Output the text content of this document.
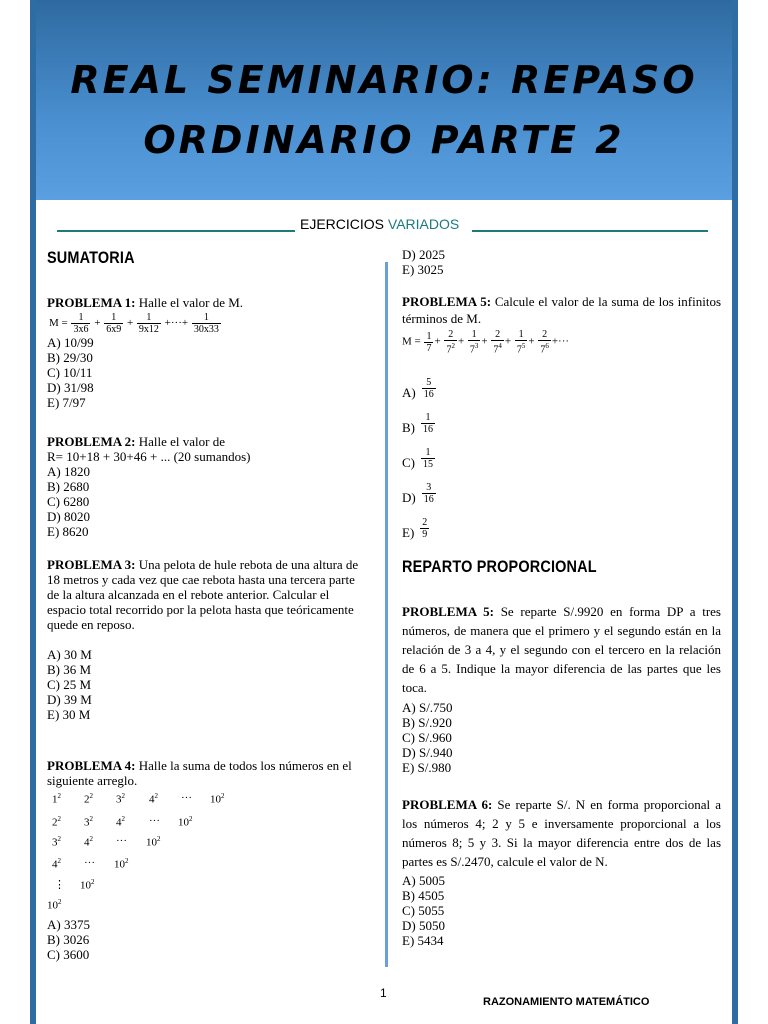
REAL SEMINARIO: REPASO
ORDINARIO PARTE 2
EJERCICIOS VARIADOS
SUMATORIA
PROBLEMA 1: Halle el valor de M.
$M = \frac{1}{3x6} + \frac{1}{6x9} + \frac{1}{9x12}$ +···+ $\frac{1}{30x33}$
A) 10/99
B) 29/30
C) 10/11
D) 31/98
E) 7/97
PROBLEMA 2: Halle el valor de
R= 10+18 + 30+46 + ... (20 sumandos)
A) 1820
B) 2680
C) 6280
D) 8020
E) 8620
PROBLEMA 3: Una pelota de hule rebota de una altura de 18 metros y cada vez que cae rebota hasta una tercera parte de la altura alcanzada en el rebote anterior. Calcular el espacio total recorrido por la pelota hasta que teóricamente quede en reposo.
A) 30 M
B) 36 M
C) 25 M
D) 39 M
E) 30 M
PROBLEMA 4: Halle la suma de todos los números en el siguiente arreglo.
$1^2$ $2^2$ $3^2$ $4^2$ ··· $10^2$
$2^2$ $3^2$ $4^2$ ··· $10^2$
$3^2$ $4^2$ ··· $10^2$
$4^2$ ··· $10^2$
⋮ $10^2$
$10^2$
A) 3375
B) 3026
C) 3600
D) 2025
E) 3025
PROBLEMA 5: Calcule el valor de la suma de los infinitos términos de M.
$M = \frac{1}{7} + \frac{2}{7^2} + \frac{1}{7^3} + \frac{2}{7^4} + \frac{1}{7^5} + \frac{2}{7^6}$ +···
$A) \frac{5}{16}$
$B) \frac{1}{16}$
$C) \frac{1}{15}$
$D) \frac{3}{16}$
$E) \frac{2}{9}$
REPARTO PROPORCIONAL
PROBLEMA 5: Se reparte S/.9920 en forma DP a tres números, de manera que el primero y el segundo están en la relación de 3 a 4, y el segundo con el tercero en la relación de 6 a 5. Indique la mayor diferencia de las partes que les toca.
A) S/.750
B) S/.920
C) S/.960
D) S/.940
E) S/.980
PROBLEMA 6: Se reparte S/. N en forma proporcional a los números 4; 2 y 5 e inversamente proporcional a los números 8; 5 y 3. Si la mayor diferencia entre dos de las partes es S/.2470, calcule el valor de N.
A) 5005
B) 4505
C) 5055
D) 5050
E) 5434
1
RAZONAMIENTO MATEMÁTICO
